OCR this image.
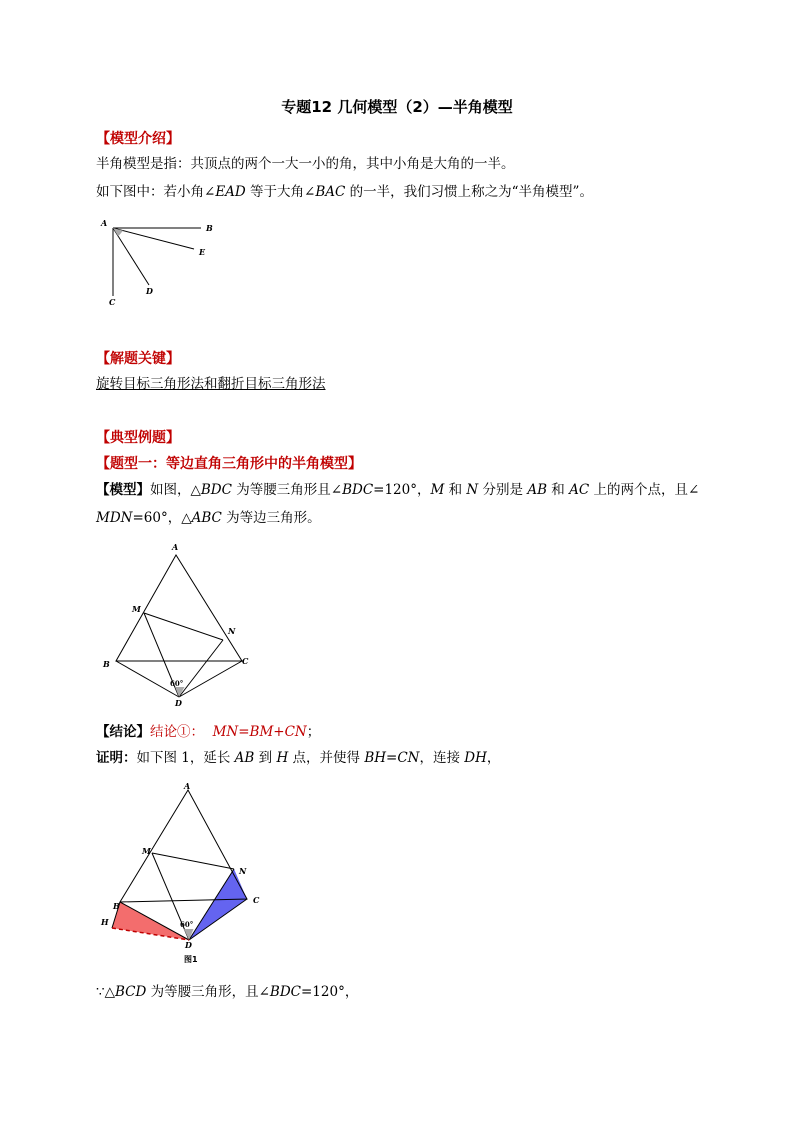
专题12 几何模型（2）—半角模型
【模型介绍】
半角模型是指：共顶点的两个一大一小的角，其中小角是大角的一半。
如下图中：若小角∠EAD 等于大角∠BAC 的一半，我们习惯上称之为“半角模型”。
A	B
E
D
C
【解题关键】
旋转目标三角形法和翻折目标三角形法
【典型例题】
【题型一：等边直角三角形中的半角模型】
【模型】如图，△BDC 为等腰三角形且∠BDC=120°，M 和 N 分别是 AB 和 AC 上的两个点，且∠
MDN=60°，△ABC 为等边三角形。
A
M
N
B	C
D
60°
【结论】结论①： MN=BM+CN；
证明：如下图 1，延长 AB 到 H 点，并使得 BH=CN，连接 DH，
A
M
N
B
C
H
D
60°
图1
∵△BCD 为等腰三角形，且∠BDC=120°，
